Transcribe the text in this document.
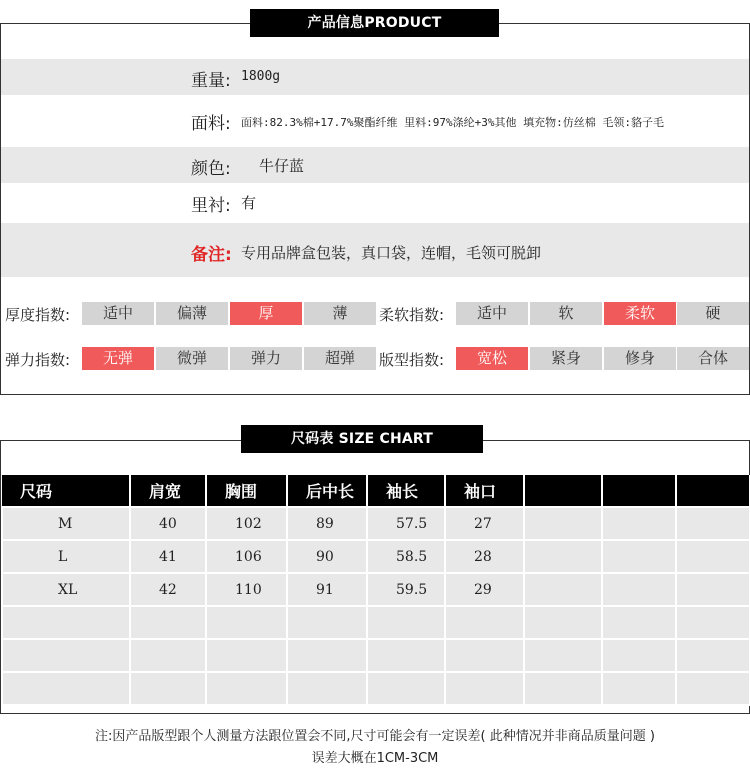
产品信息PRODUCT INFORMATION
重量: 1800g
面料: 面料:82.3%棉+17.7%聚酯纤维 里料:97%涤纶+3%其他 填充物:仿丝棉 毛领:貉子毛
颜色: 牛仔蓝
里衬: 有
备注: 专用品牌盒包装，真口袋，连帽，毛领可脱卸
厚度指数:	适中	偏薄	厚	薄	柔软指数:	适中	软	柔软	硬
弹力指数:	无弹	微弹	弹力	超弹	版型指数:	宽松	紧身	修身	合体
尺码表 SIZE CHART
尺码	肩宽	胸围	后中长	袖长	袖口			
M	40	102	89	57.5	27			
L	41	106	90	58.5	28			
XL	42	110	91	59.5	29			

注:因产品版型跟个人测量方法跟位置会不同,尺寸可能会有一定误差( 此种情况并非商品质量问题 )
误差大概在1CM-3CM
